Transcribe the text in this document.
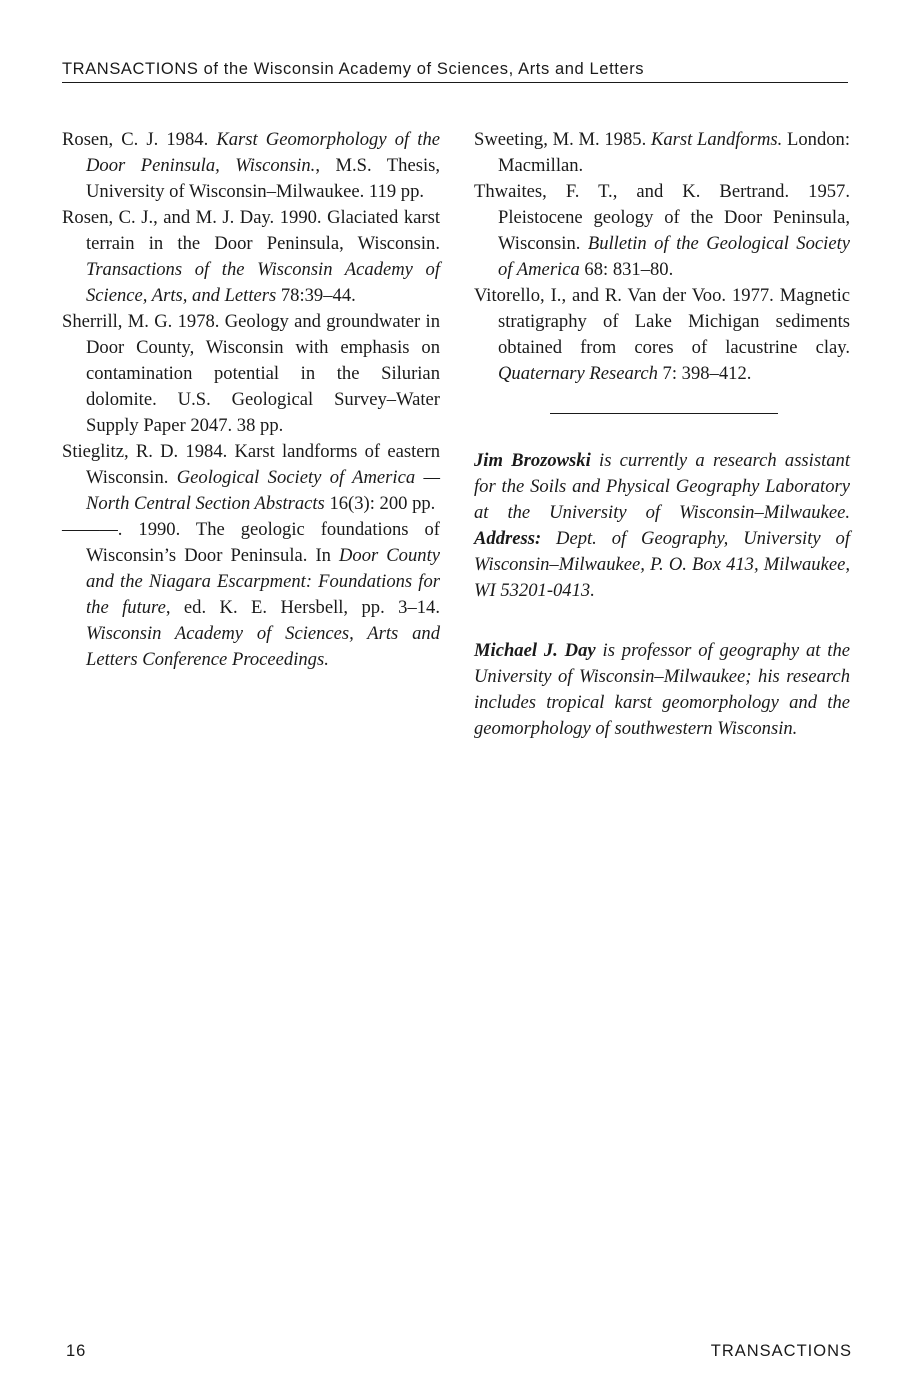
TRANSACTIONS of the Wisconsin Academy of Sciences, Arts and Letters

Rosen, C. J. 1984. Karst Geomorphology of the Door Peninsula, Wisconsin., M.S. Thesis, University of Wisconsin–Milwaukee. 119 pp.

Rosen, C. J., and M. J. Day. 1990. Glaciated karst terrain in the Door Peninsula, Wisconsin. Transactions of the Wisconsin Academy of Science, Arts, and Letters 78:39–44.

Sherrill, M. G. 1978. Geology and groundwater in Door County, Wisconsin with emphasis on contamination potential in the Silurian dolomite. U.S. Geological Survey–Water Supply Paper 2047. 38 pp.

Stieglitz, R. D. 1984. Karst landforms of eastern Wisconsin. Geological Society of America — North Central Section Abstracts 16(3): 200 pp.

———. 1990. The geologic foundations of Wisconsin’s Door Peninsula. In Door County and the Niagara Escarpment: Foundations for the future, ed. K. E. Hersbell, pp. 3–14. Wisconsin Academy of Sciences, Arts and Letters Conference Proceedings.

Sweeting, M. M. 1985. Karst Landforms. London: Macmillan.

Thwaites, F. T., and K. Bertrand. 1957. Pleistocene geology of the Door Peninsula, Wisconsin. Bulletin of the Geological Society of America 68: 831–80.

Vitorello, I., and R. Van der Voo. 1977. Magnetic stratigraphy of Lake Michigan sediments obtained from cores of lacustrine clay. Quaternary Research 7: 398–412.

Jim Brozowski is currently a research assistant for the Soils and Physical Geography Laboratory at the University of Wisconsin–Milwaukee. Address: Dept. of Geography, University of Wisconsin–Milwaukee, P. O. Box 413, Milwaukee, WI 53201-0413.

Michael J. Day is professor of geography at the University of Wisconsin–Milwaukee; his research includes tropical karst geomorphology and the geomorphology of southwestern Wisconsin.

16	TRANSACTIONS
